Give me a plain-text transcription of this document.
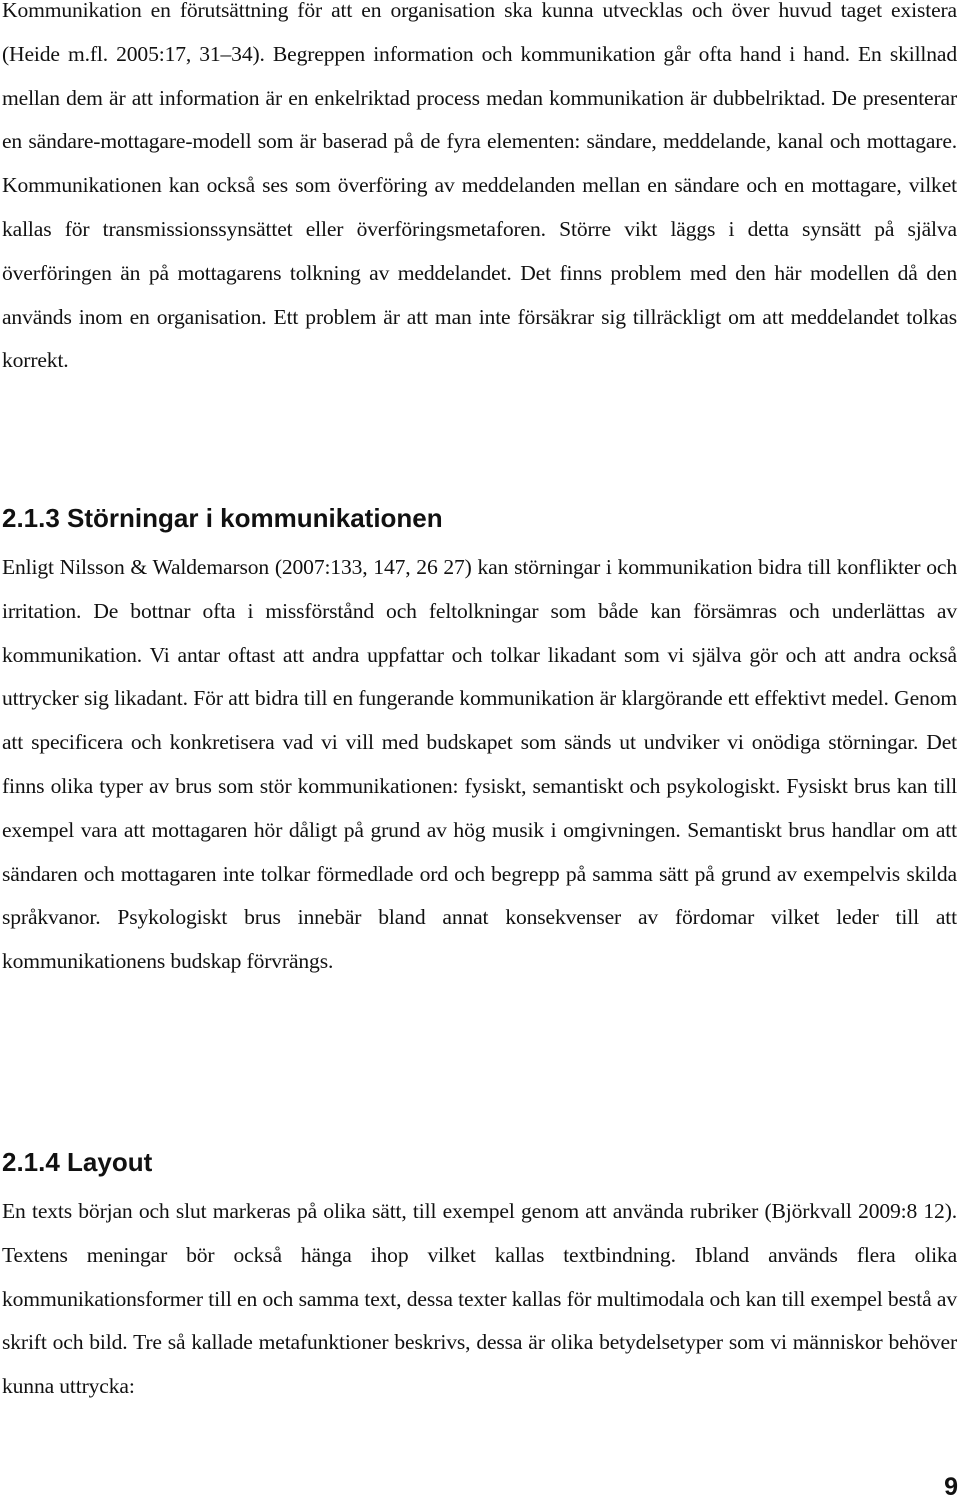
Kommunikation en förutsättning för att en organisation ska kunna utvecklas och över huvud taget existera (Heide m.fl. 2005:17, 31–34). Begreppen information och kommunikation går ofta hand i hand. En skillnad mellan dem är att information är en enkelriktad process medan kommunikation är dubbelriktad. De presenterar en sändare-mottagare-modell som är baserad på de fyra elementen: sändare, meddelande, kanal och mottagare. Kommunikationen kan också ses som överföring av meddelanden mellan en sändare och en mottagare, vilket kallas för transmissionssynsättet eller överföringsmetaforen. Större vikt läggs i detta synsätt på själva överföringen än på mottagarens tolkning av meddelandet. Det finns problem med den här modellen då den används inom en organisation. Ett problem är att man inte försäkrar sig tillräckligt om att meddelandet tolkas korrekt.

2.1.3 Störningar i kommunikationen

Enligt Nilsson & Waldemarson (2007:133, 147, 26 27) kan störningar i kommunikation bidra till konflikter och irritation. De bottnar ofta i missförstånd och feltolkningar som både kan försämras och underlättas av kommunikation. Vi antar oftast att andra uppfattar och tolkar likadant som vi själva gör och att andra också uttrycker sig likadant. För att bidra till en fungerande kommunikation är klargörande ett effektivt medel. Genom att specificera och konkretisera vad vi vill med budskapet som sänds ut undviker vi onödiga störningar. Det finns olika typer av brus som stör kommunikationen: fysiskt, semantiskt och psykologiskt. Fysiskt brus kan till exempel vara att mottagaren hör dåligt på grund av hög musik i omgivningen. Semantiskt brus handlar om att sändaren och mottagaren inte tolkar förmedlade ord och begrepp på samma sätt på grund av exempelvis skilda språkvanor. Psykologiskt brus innebär bland annat konsekvenser av fördomar vilket leder till att kommunikationens budskap förvrängs.

2.1.4 Layout

En texts början och slut markeras på olika sätt, till exempel genom att använda rubriker (Björkvall 2009:8 12). Textens meningar bör också hänga ihop vilket kallas textbindning. Ibland används flera olika kommunikationsformer till en och samma text, dessa texter kallas för multimodala och kan till exempel bestå av skrift och bild. Tre så kallade metafunktioner beskrivs, dessa är olika betydelsetyper som vi människor behöver kunna uttrycka:

9
